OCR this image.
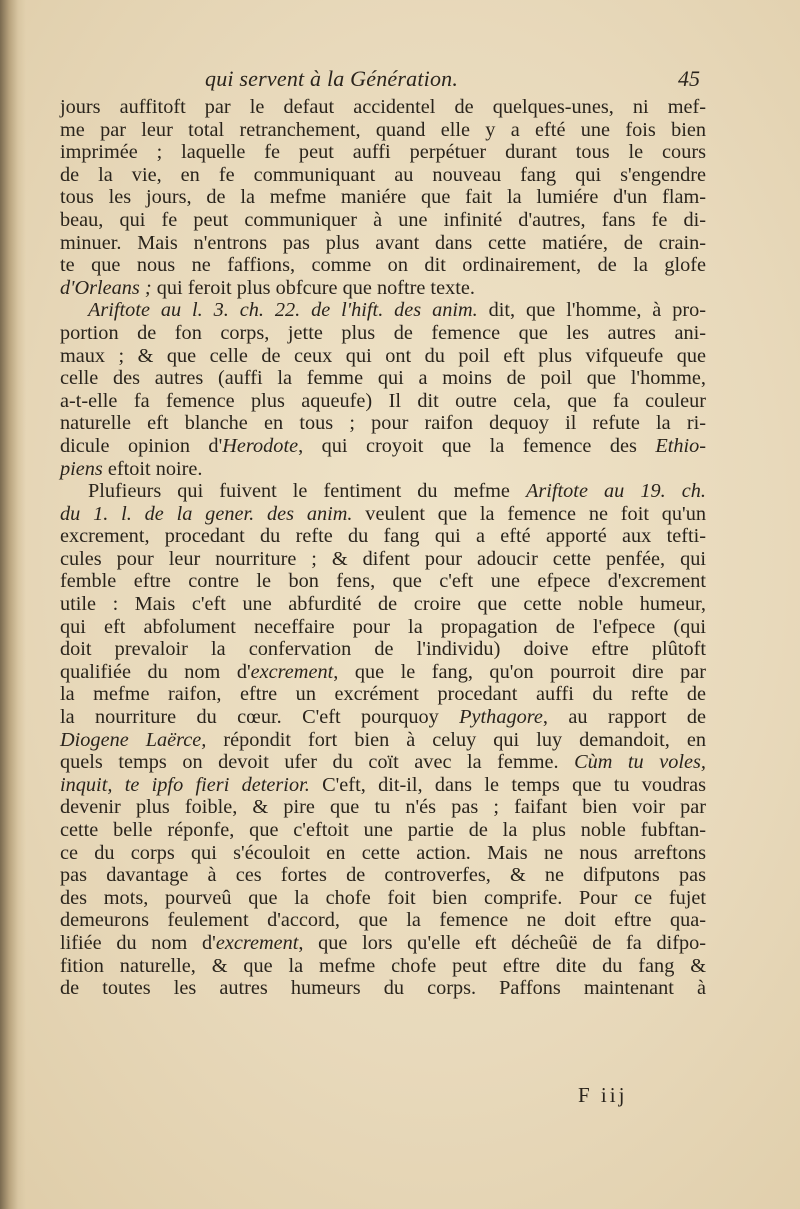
qui servent à la Génération.	45
jours auffitoft par le defaut accidentel de quelques-unes, ni mef-
me par leur total retranchement, quand elle y a efté une fois bien
imprimée ; laquelle fe peut auffi perpétuer durant tous le cours
de la vie, en fe communiquant au nouveau fang qui s'engendre
tous les jours, de la mefme maniére que fait la lumiére d'un flam-
beau, qui fe peut communiquer à une infinité d'autres, fans fe di-
minuer. Mais n'entrons pas plus avant dans cette matiére, de crain-
te que nous ne faffions, comme on dit ordinairement, de la glofe
d'Orleans ; qui feroit plus obfcure que noftre texte.
Ariftote au l. 3. ch. 22. de l'hift. des anim. dit, que l'homme, à pro-
portion de fon corps, jette plus de femence que les autres ani-
maux ; & que celle de ceux qui ont du poil eft plus vifqueufe que
celle des autres (auffi la femme qui a moins de poil que l'homme,
a-t-elle fa femence plus aqueufe) Il dit outre cela, que fa couleur
naturelle eft blanche en tous ; pour raifon dequoy il refute la ri-
dicule opinion d'Herodote, qui croyoit que la femence des Ethio-
piens eftoit noire.
Plufieurs qui fuivent le fentiment du mefme Ariftote au 19. ch.
du 1. l. de la gener. des anim. veulent que la femence ne foit qu'un
excrement, procedant du refte du fang qui a efté apporté aux tefti-
cules pour leur nourriture ; & difent pour adoucir cette penfée, qui
femble eftre contre le bon fens, que c'eft une efpece d'excrement
utile : Mais c'eft une abfurdité de croire que cette noble humeur,
qui eft abfolument neceffaire pour la propagation de l'efpece (qui
doit prevaloir la confervation de l'individu) doive eftre plûtoft
qualifiée du nom d'excrement, que le fang, qu'on pourroit dire par
la mefme raifon, eftre un excrément procedant auffi du refte de
la nourriture du cœur. C'eft pourquoy Pythagore, au rapport de
Diogene Laërce, répondit fort bien à celuy qui luy demandoit, en
quels temps on devoit ufer du coït avec la femme. Cùm tu voles,
inquit, te ipfo fieri deterior. C'eft, dit-il, dans le temps que tu voudras
devenir plus foible, & pire que tu n'és pas ; faifant bien voir par
cette belle réponfe, que c'eftoit une partie de la plus noble fubftan-
ce du corps qui s'écouloit en cette action. Mais ne nous arreftons
pas davantage à ces fortes de controverfes, & ne difputons pas
des mots, pourveû que la chofe foit bien comprife. Pour ce fujet
demeurons feulement d'accord, que la femence ne doit eftre qua-
lifiée du nom d'excrement, que lors qu'elle eft décheûë de fa difpo-
fition naturelle, & que la mefme chofe peut eftre dite du fang &
de toutes les autres humeurs du corps. Paffons maintenant à
F iij
